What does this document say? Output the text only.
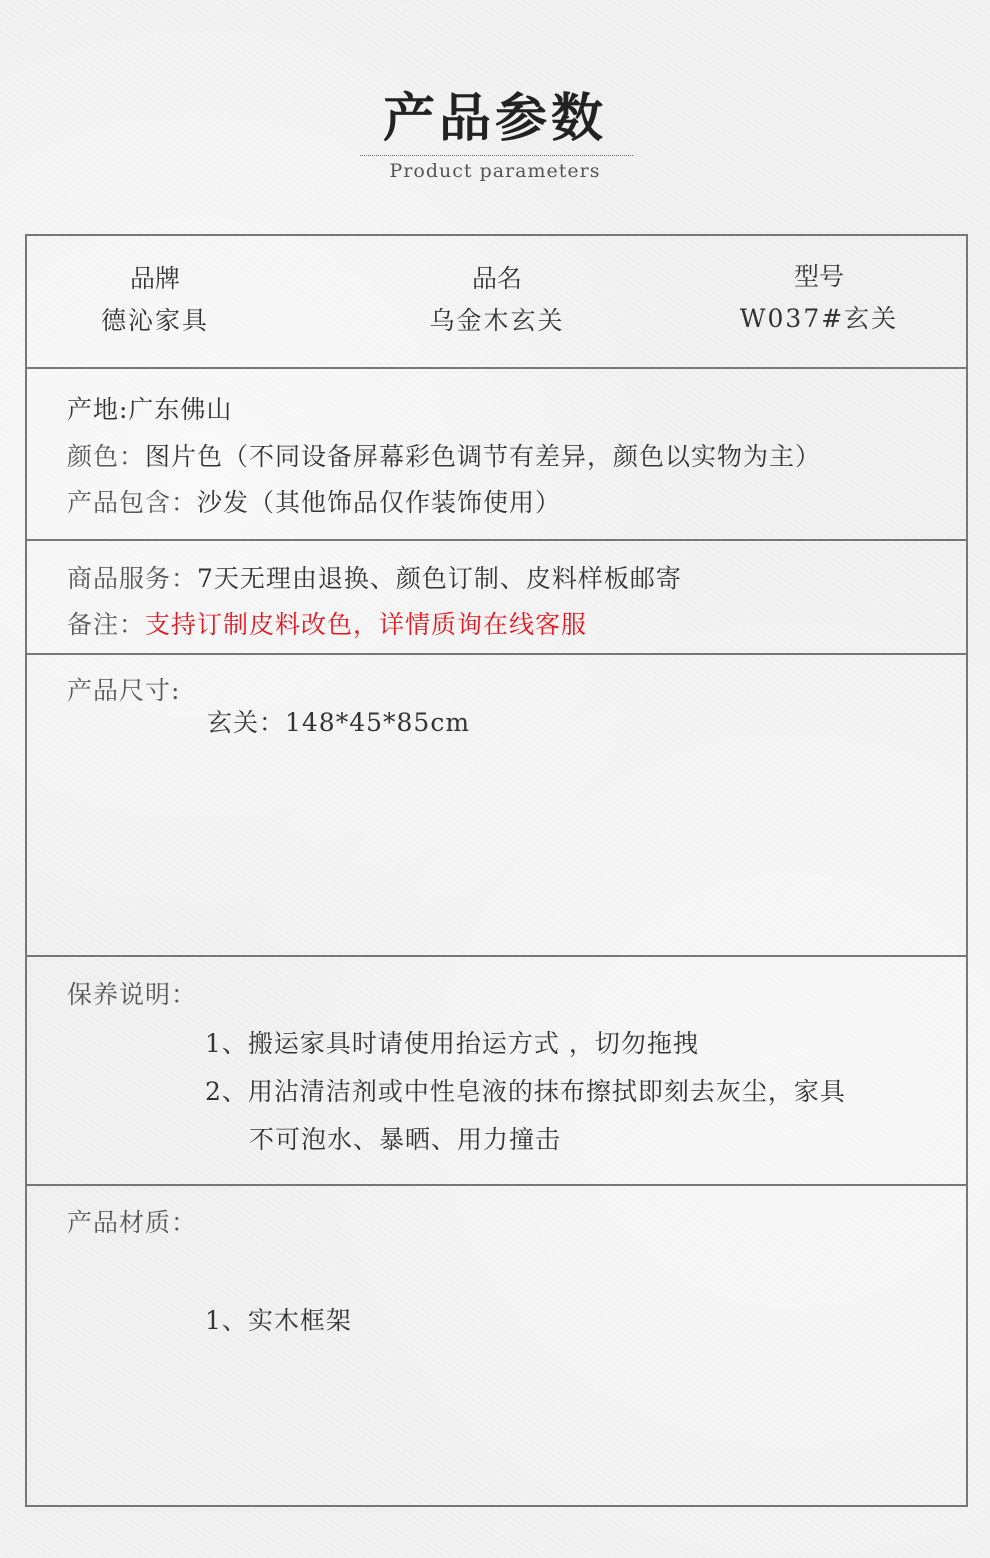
产品参数
Product parameters
品牌
德沁家具
品名
乌金木玄关
型号
W037#玄关
产地:广东佛山
颜色：图片色（不同设备屏幕彩色调节有差异，颜色以实物为主）
产品包含：沙发（其他饰品仅作装饰使用）
商品服务：7天无理由退换、颜色订制、皮料样板邮寄
备注：支持订制皮料改色，详情质询在线客服
产品尺寸:
玄关：148*45*85cm
保养说明：
1、搬运家具时请使用抬运方式 ，切勿拖拽
2、用沾清洁剂或中性皂液的抹布擦拭即刻去灰尘，家具
不可泡水、暴晒、用力撞击
产品材质：
1、实木框架
